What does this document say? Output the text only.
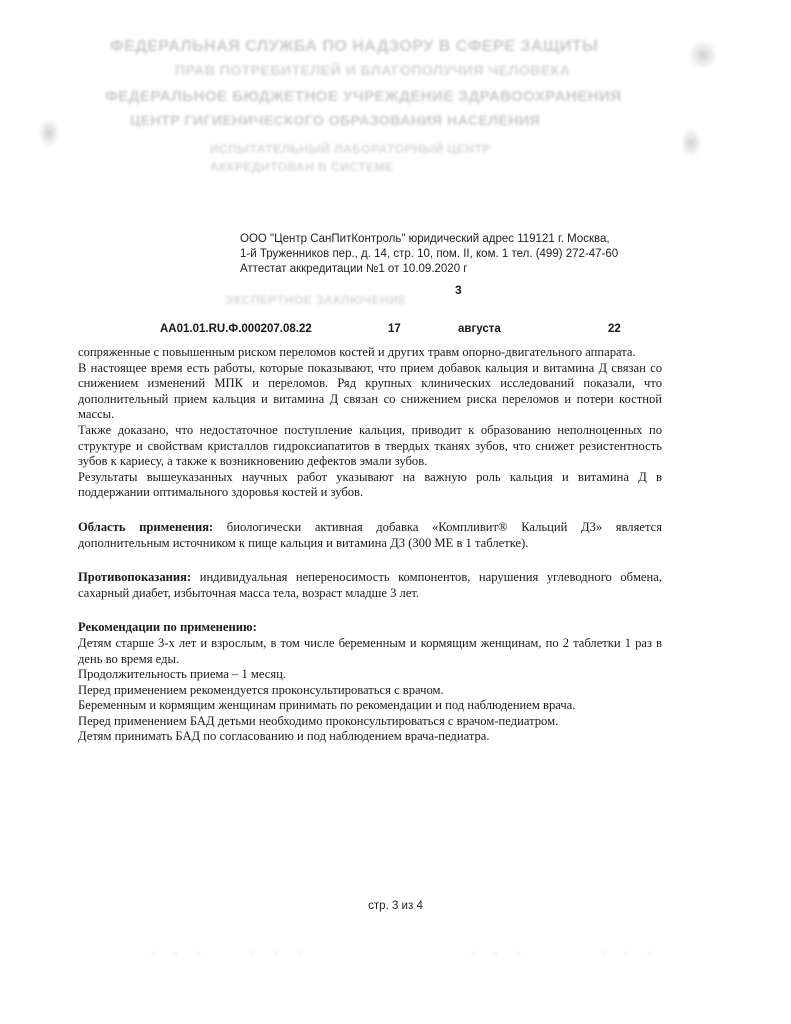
ФЕДЕРАЛЬНАЯ СЛУЖБА ПО НАДЗОРУ В СФЕРЕ ЗАЩИТЫ
ПРАВ ПОТРЕБИТЕЛЕЙ И БЛАГОПОЛУЧИЯ ЧЕЛОВЕКА
ФЕДЕРАЛЬНОЕ БЮДЖЕТНОЕ УЧРЕЖДЕНИЕ ЗДРАВООХРАНЕНИЯ
ЦЕНТР ГИГИЕНИЧЕСКОГО ОБРАЗОВАНИЯ НАСЕЛЕНИЯ
ИСПЫТАТЕЛЬНЫЙ ЛАБОРАТОРНЫЙ ЦЕНТР
АККРЕДИТОВАН В СИСТЕМЕ
ЭКСПЕРТНОЕ ЗАКЛЮЧЕНИЕ
ООО "Центр СанПитКонтроль" юридический адрес 119121 г. Москва,
1-й Труженников пер., д. 14, стр. 10, пом. II, ком. 1 тел. (499) 272-47-60
Аттестат аккредитации №1 от 10.09.2020 г
3
AA01.01.RU.Ф.000207.08.22	17	августа	22

сопряженные с повышенным риском переломов костей и других травм опорно-двигательного аппарата.

В настоящее время есть работы, которые показывают, что прием добавок кальция и витамина Д связан со снижением изменений МПК и переломов. Ряд крупных клинических исследований показали, что дополнительный прием кальция и витамина Д связан со снижением риска переломов и потери костной массы.

Также доказано, что недостаточное поступление кальция, приводит к образованию неполноценных по структуре и свойствам кристаллов гидроксиапатитов в твердых тканях зубов, что снижет резистентность зубов к кариесу, а также к возникновению дефектов эмали зубов.

Результаты вышеуказанных научных работ указывают на важную роль кальция и витамина Д в поддержании оптимального здоровья костей и зубов.

Область применения: биологически активная добавка «Компливит® Кальций Д3» является дополнительным источником к пище кальция и витамина Д3 (300 МЕ в 1 таблетке).

Противопоказания: индивидуальная непереносимость компонентов, нарушения углеводного обмена, сахарный диабет, избыточная масса тела, возраст младше 3 лет.

Рекомендации по применению:

Детям старше 3-х лет и взрослым, в том числе беременным и кормящим женщинам, по 2 таблетки 1 раз в день во время еды.

Продолжительность приема – 1 месяц.

Перед применением рекомендуется проконсультироваться с врачом.

Беременным и кормящим женщинам принимать по рекомендации и под наблюдением врача.

Перед применением БАД детьми необходимо проконсультироваться с врачом-педиатром.

Детям принимать БАД по согласованию и под наблюдением врача-педиатра.

стр. 3 из 4
· · · · · ·	· · ·	· · ·
